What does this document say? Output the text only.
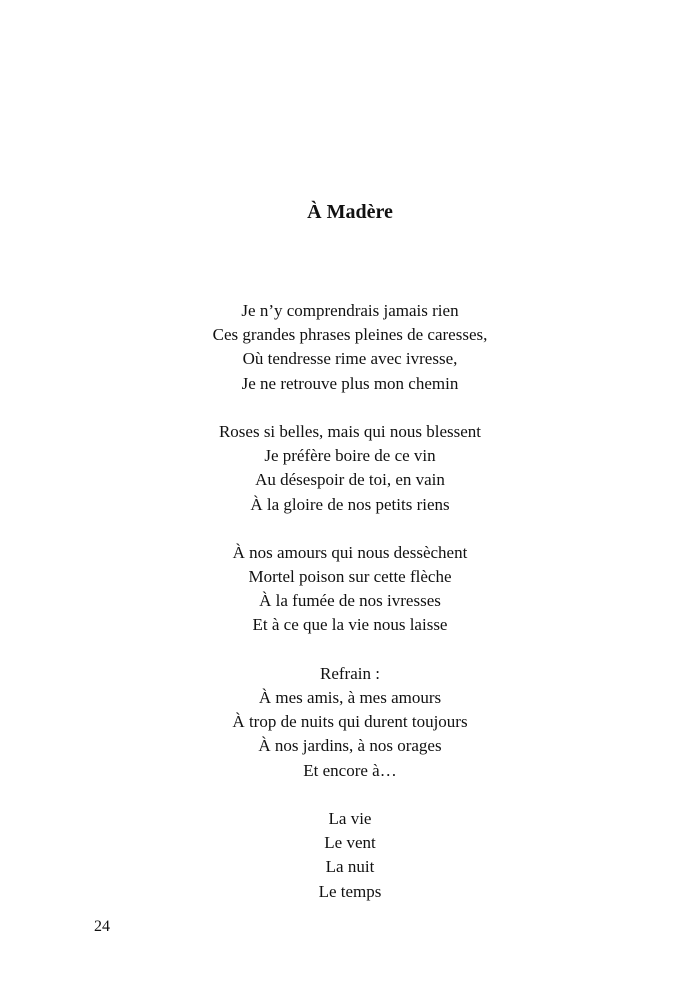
À Madère
Je n’y comprendrais jamais rien
Ces grandes phrases pleines de caresses,
Où tendresse rime avec ivresse,
Je ne retrouve plus mon chemin
Roses si belles, mais qui nous blessent
Je préfère boire de ce vin
Au désespoir de toi, en vain
À la gloire de nos petits riens
À nos amours qui nous dessèchent
Mortel poison sur cette flèche
À la fumée de nos ivresses
Et à ce que la vie nous laisse
Refrain :
À mes amis, à mes amours
À trop de nuits qui durent toujours
À nos jardins, à nos orages
Et encore à…
La vie
Le vent
La nuit
Le temps
24
